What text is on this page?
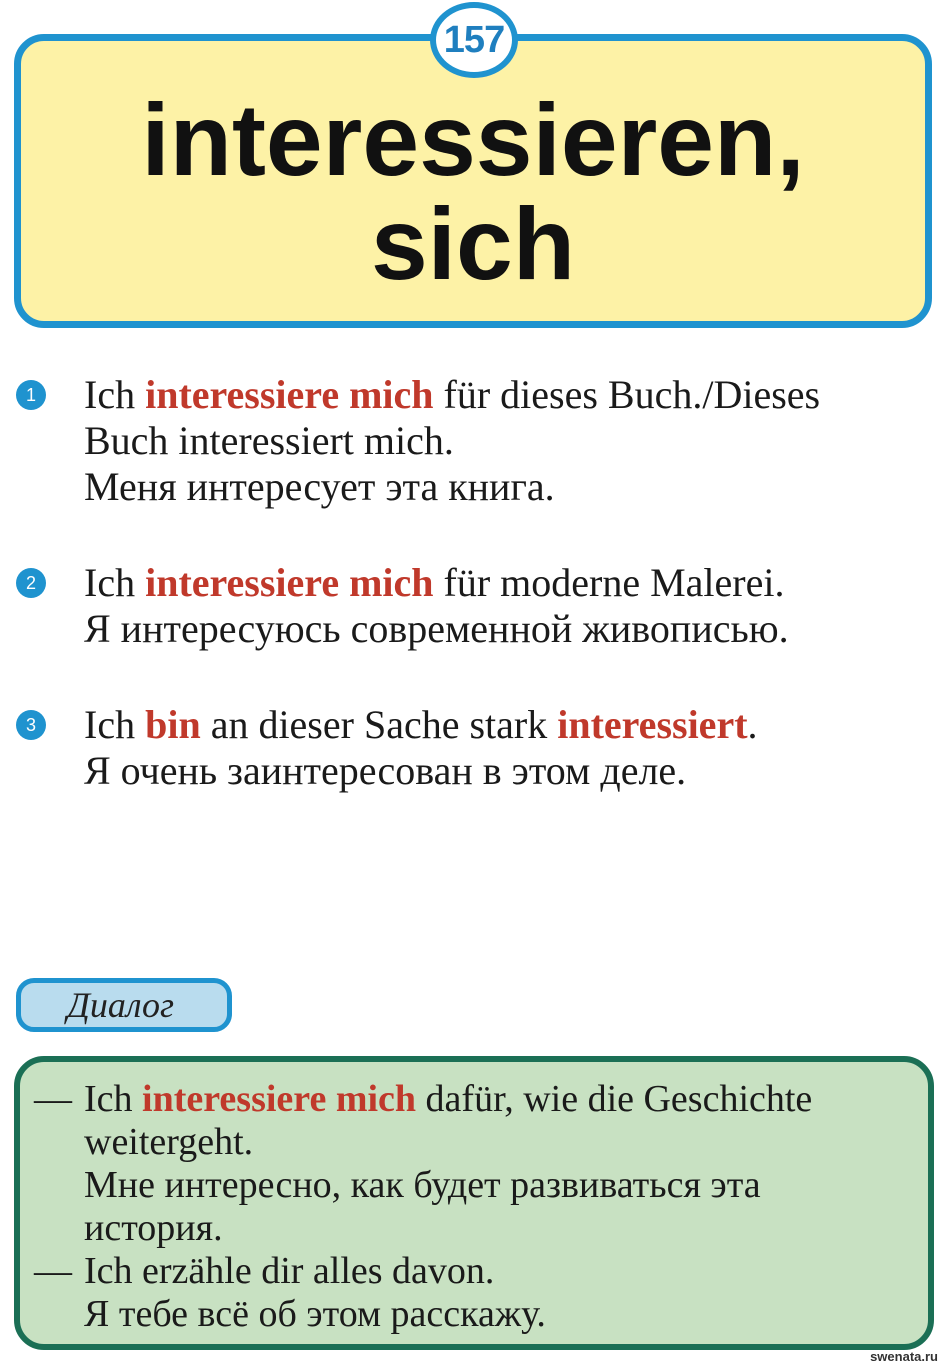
157
interessieren,
sich
1 Ich interessiere mich für dieses Buch./Dieses
Buch interessiert mich.
Меня интересует эта книга.
2 Ich interessiere mich für moderne Malerei.
Я интересуюсь современной живописью.
3 Ich bin an dieser Sache stark interessiert.
Я очень заинтересован в этом деле.
Диалог
— Ich interessiere mich dafür, wie die Geschichte
weitergeht.
Мне интересно, как будет развиваться эта
история.
— Ich erzähle dir alles davon.
Я тебе всё об этом расскажу.
swenata.ru
